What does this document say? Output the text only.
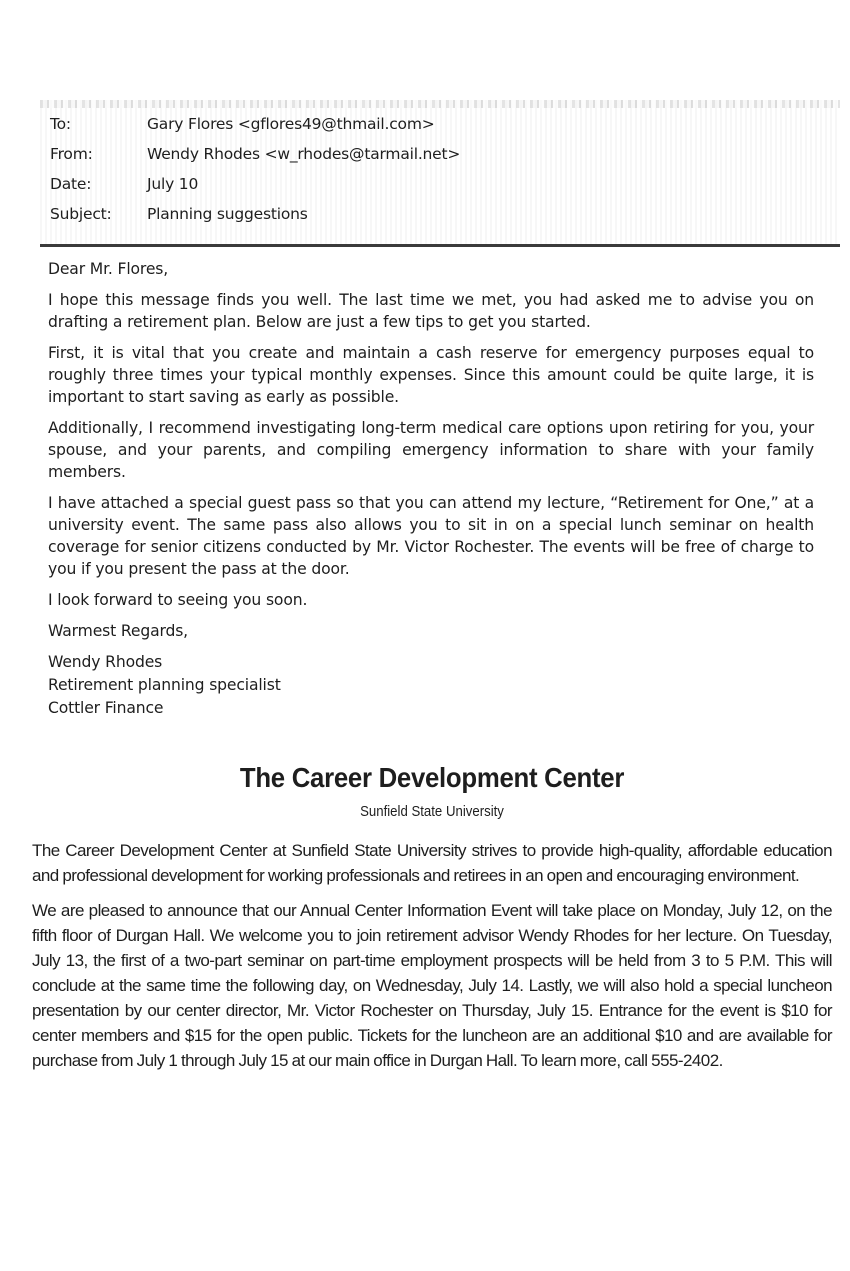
To:	Gary Flores <gflores49@thmail.com>
From:	Wendy Rhodes <w_rhodes@tarmail.net>
Date:	July 10
Subject:	Planning suggestions

Dear Mr. Flores,

I hope this message finds you well. The last time we met, you had asked me to advise you on drafting a retirement plan. Below are just a few tips to get you started.

First, it is vital that you create and maintain a cash reserve for emergency purposes equal to roughly three times your typical monthly expenses. Since this amount could be quite large, it is important to start saving as early as possible.

Additionally, I recommend investigating long-term medical care options upon retiring for you, your spouse, and your parents, and compiling emergency information to share with your family members.

I have attached a special guest pass so that you can attend my lecture, “Retirement for One,” at a university event. The same pass also allows you to sit in on a special lunch seminar on health coverage for senior citizens conducted by Mr. Victor Rochester. The events will be free of charge to you if you present the pass at the door.

I look forward to seeing you soon.

Warmest Regards,

Wendy Rhodes
Retirement planning specialist
Cottler Finance
The Career Development Center
Sunfield State University

The Career Development Center at Sunfield State University strives to provide high-quality, affordable education and professional development for working professionals and retirees in an open and encouraging environment.

We are pleased to announce that our Annual Center Information Event will take place on Monday, July 12, on the fifth floor of Durgan Hall. We welcome you to join retirement advisor Wendy Rhodes for her lecture. On Tuesday, July 13, the first of a two-part seminar on part-time employment prospects will be held from 3 to 5 P.M. This will conclude at the same time the following day, on Wednesday, July 14. Lastly, we will also hold a special luncheon presentation by our center director, Mr. Victor Rochester on Thursday, July 15. Entrance for the event is $10 for center members and $15 for the open public. Tickets for the luncheon are an additional $10 and are available for purchase from July 1 through July 15 at our main office in Durgan Hall. To learn more, call 555-2402.
